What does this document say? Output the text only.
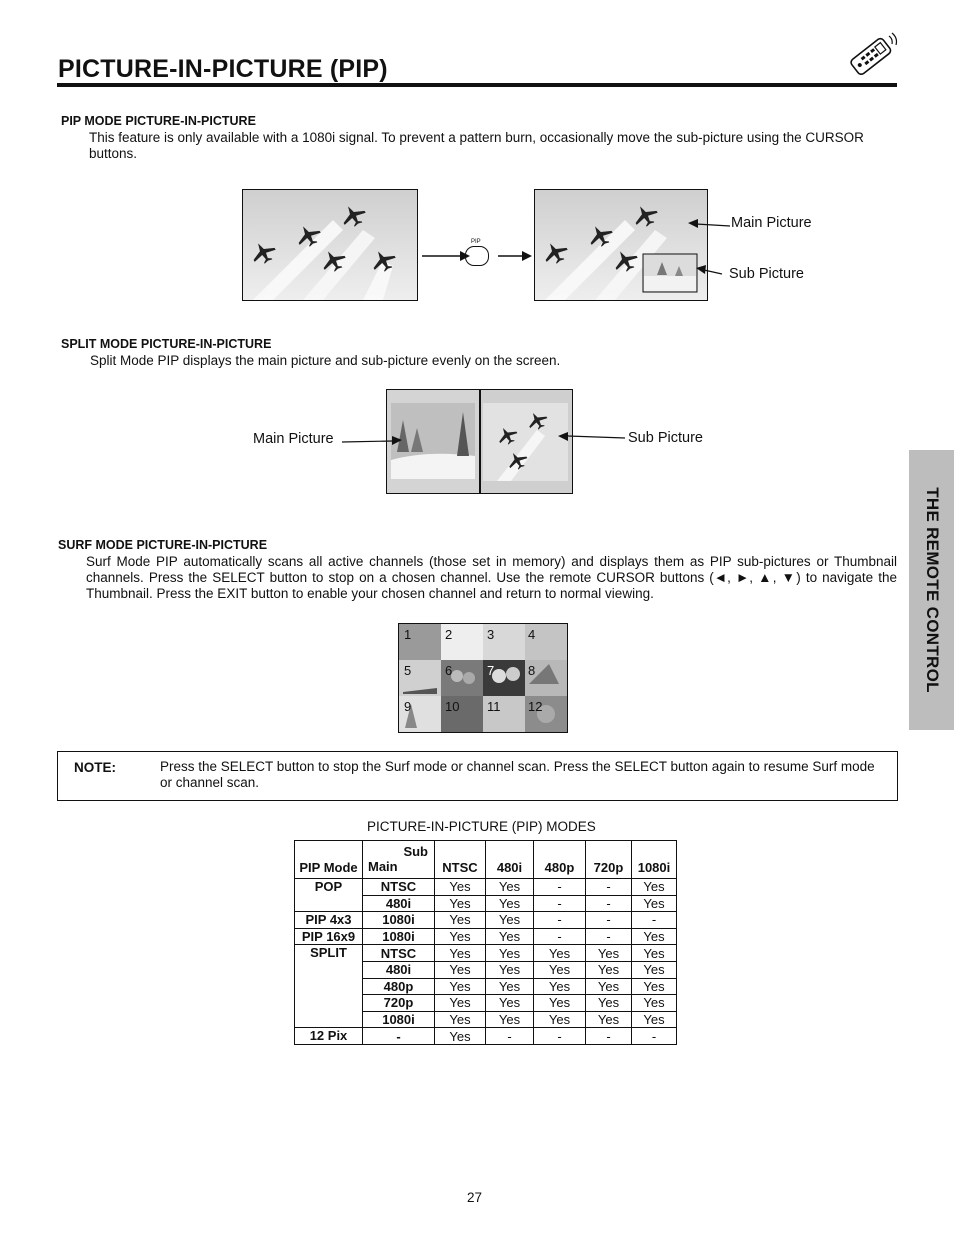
PICTURE-IN-PICTURE (PIP)
THE REMOTE CONTROL
PIP MODE PICTURE-IN-PICTURE
This feature is only available with a 1080i signal. To prevent a pattern burn, occasionally move the sub-picture using the CURSOR buttons.
PIP
Main Picture
Sub Picture
SPLIT MODE PICTURE-IN-PICTURE
Split Mode PIP displays the main picture and sub-picture evenly on the screen.
Main Picture	Sub Picture
SURF MODE PICTURE-IN-PICTURE
Surf Mode PIP automatically scans all active channels (those set in memory) and displays them as PIP sub-pictures or Thumbnail channels. Press the SELECT button to stop on a chosen channel. Use the remote CURSOR buttons (◄, ►, ▲, ▼) to navigate the Thumbnail. Press the EXIT button to enable your chosen channel and return to normal viewing.
1	2	3	4
5	6	7	8
9	10 11 12
NOTE:	Press the SELECT button to stop the Surf mode or channel scan. Press the SELECT button again to resume Surf mode or channel scan.
PICTURE-IN-PICTURE (PIP) MODES
PIP Mode	Sub
Main	NTSC	480i	480p	720p	1080i
POP	NTSC	Yes	Yes	-	-	Yes
	480i	Yes	Yes	-	-	Yes
PIP 4x3	1080i	Yes	Yes	-	-	-
PIP 16x9	1080i	Yes	Yes	-	-	Yes
SPLIT	NTSC	Yes	Yes	Yes	Yes	Yes
	480i	Yes	Yes	Yes	Yes	Yes
	480p	Yes	Yes	Yes	Yes	Yes
	720p	Yes	Yes	Yes	Yes	Yes
	1080i	Yes	Yes	Yes	Yes	Yes
12 Pix	-	Yes	-	-	-	-
27
